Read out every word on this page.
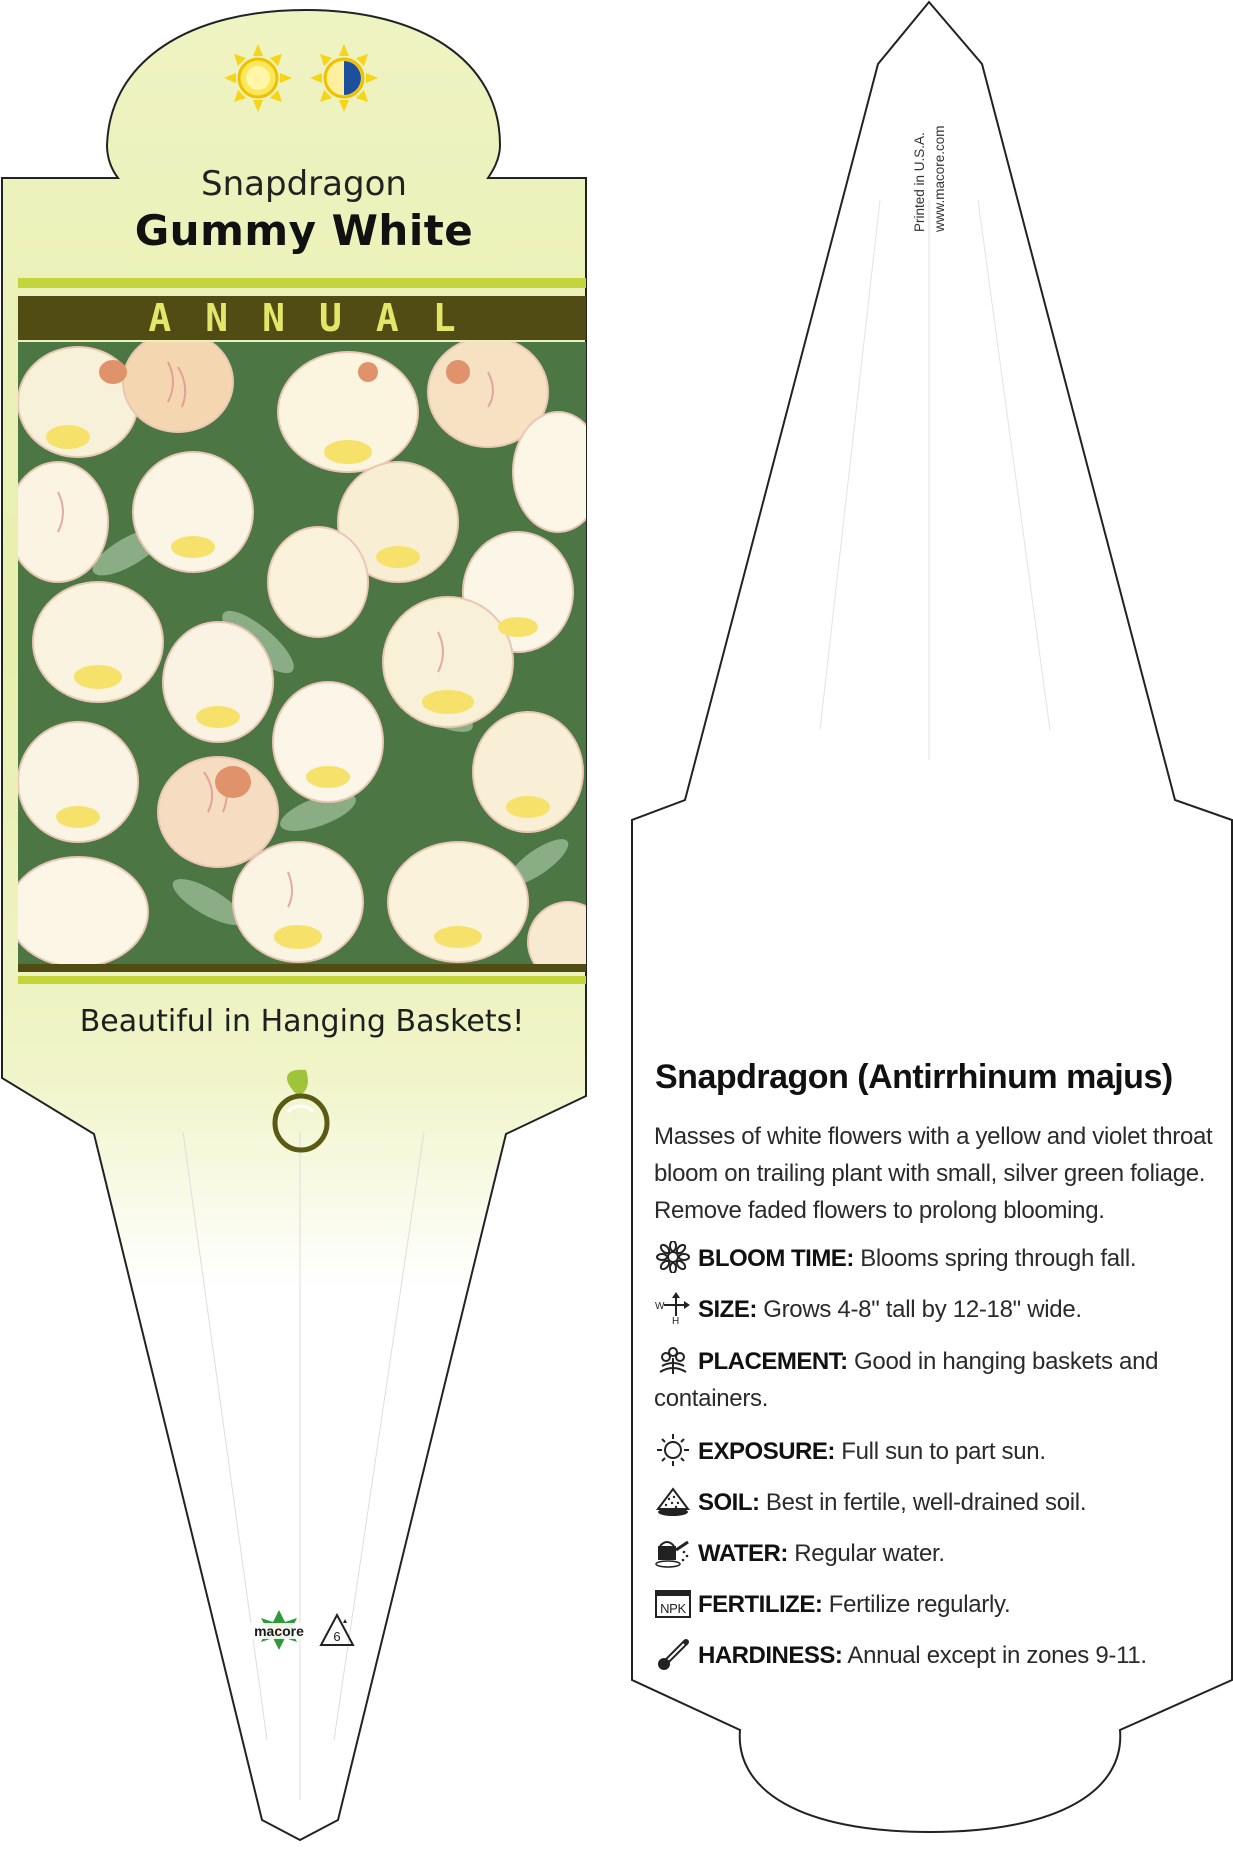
Snapdragon
Gummy White
ANNUAL
Beautiful in Hanging Baskets!
macore 6
Printed in U.S.A. www.macore.com
Snapdragon (Antirrhinum majus)
Masses of white flowers with a yellow and violet throat bloom on trailing plant with small, silver green foliage. Remove faded flowers to prolong blooming.
BLOOM TIME: Blooms spring through fall.
W
H SIZE: Grows 4-8" tall by 12-18" wide.
PLACEMENT: Good in hanging baskets and containers.
EXPOSURE: Full sun to part sun.
SOIL: Best in fertile, well-drained soil.
WATER: Regular water.
NPK FERTILIZE: Fertilize regularly.
HARDINESS: Annual except in zones 9-11.
